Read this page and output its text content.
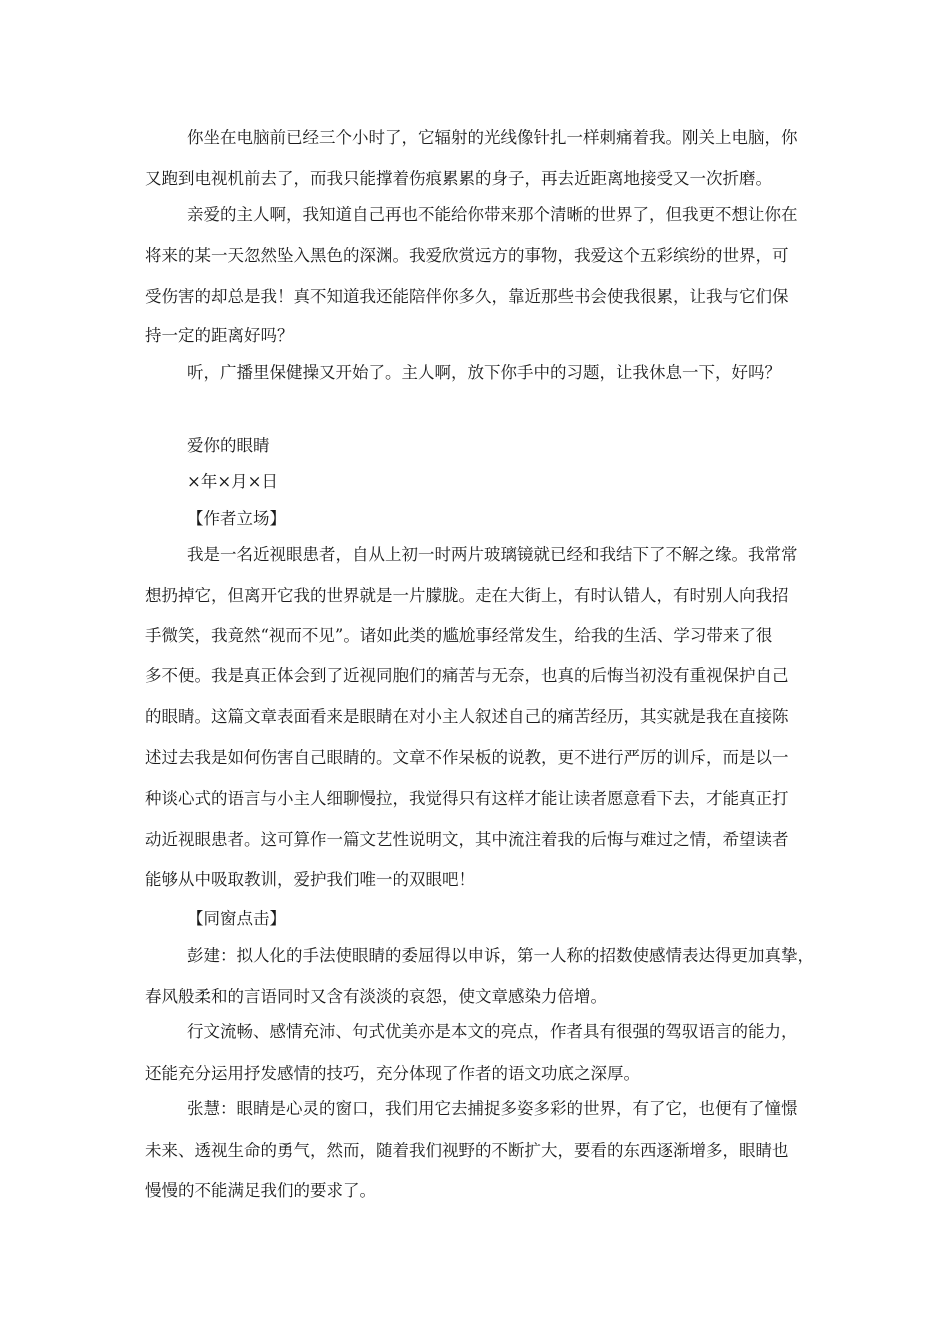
你坐在电脑前已经三个小时了，它辐射的光线像针扎一样刺痛着我。刚关上电脑，你
又跑到电视机前去了，而我只能撑着伤痕累累的身子，再去近距离地接受又一次折磨。
亲爱的主人啊，我知道自己再也不能给你带来那个清晰的世界了，但我更不想让你在
将来的某一天忽然坠入黑色的深渊。我爱欣赏远方的事物，我爱这个五彩缤纷的世界，可
受伤害的却总是我！真不知道我还能陪伴你多久，靠近那些书会使我很累，让我与它们保
持一定的距离好吗？
听，广播里保健操又开始了。主人啊，放下你手中的习题，让我休息一下，好吗？
爱你的眼睛
×年×月×日
【作者立场】
我是一名近视眼患者，自从上初一时两片玻璃镜就已经和我结下了不解之缘。我常常
想扔掉它，但离开它我的世界就是一片朦胧。走在大街上，有时认错人，有时别人向我招
手微笑，我竟然“视而不见”。诸如此类的尴尬事经常发生，给我的生活、学习带来了很
多不便。我是真正体会到了近视同胞们的痛苦与无奈，也真的后悔当初没有重视保护自己
的眼睛。这篇文章表面看来是眼睛在对小主人叙述自己的痛苦经历，其实就是我在直接陈
述过去我是如何伤害自己眼睛的。文章不作呆板的说教，更不进行严厉的训斥，而是以一
种谈心式的语言与小主人细聊慢拉，我觉得只有这样才能让读者愿意看下去，才能真正打
动近视眼患者。这可算作一篇文艺性说明文，其中流注着我的后悔与难过之情，希望读者
能够从中吸取教训，爱护我们唯一的双眼吧！
【同窗点击】
彭建：拟人化的手法使眼睛的委屈得以申诉，第一人称的招数使感情表达得更加真挚，
春风般柔和的言语同时又含有淡淡的哀怨，使文章感染力倍增。
行文流畅、感情充沛、句式优美亦是本文的亮点，作者具有很强的驾驭语言的能力，
还能充分运用抒发感情的技巧，充分体现了作者的语文功底之深厚。
张慧：眼睛是心灵的窗口，我们用它去捕捉多姿多彩的世界，有了它，也便有了憧憬
未来、透视生命的勇气，然而，随着我们视野的不断扩大，要看的东西逐渐增多，眼睛也
慢慢的不能满足我们的要求了。
